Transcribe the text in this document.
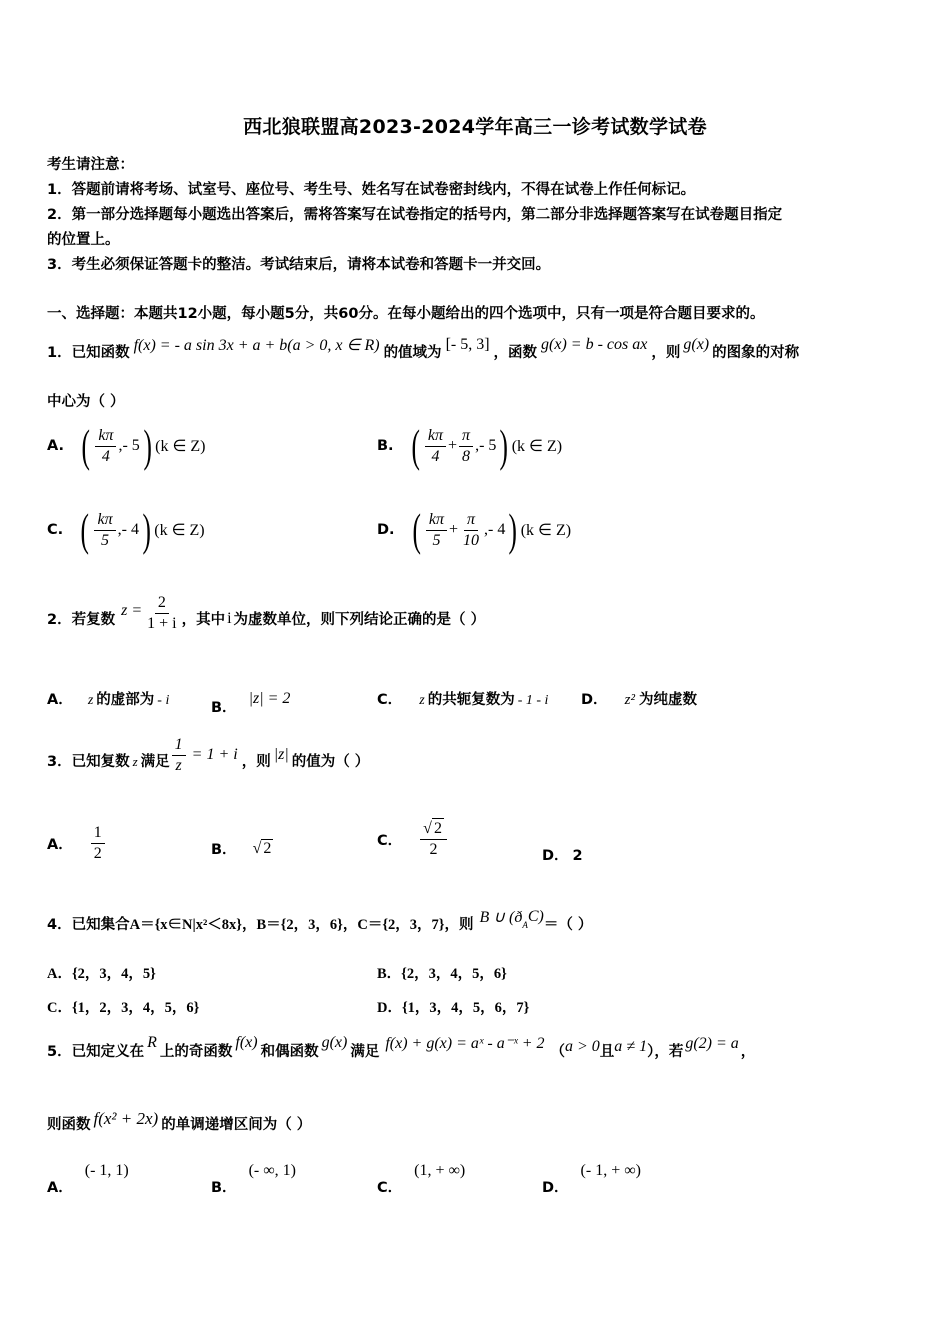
西北狼联盟高2023-2024学年高三一诊考试数学试卷
考生请注意：
1．答题前请将考场、试室号、座位号、考生号、姓名写在试卷密封线内，不得在试卷上作任何标记。
2．第一部分选择题每小题选出答案后，需将答案写在试卷指定的括号内，第二部分非选择题答案写在试卷题目指定
的位置上。
3．考生必须保证答题卡的整洁。考试结束后，请将本试卷和答题卡一并交回。
一、选择题：本题共12小题，每小题5分，共60分。在每小题给出的四个选项中，只有一项是符合题目要求的。
1．已知函数 f(x) = - a sin 3x + a + b(a > 0, x ∈ R) 的值域为
[- 5, 3]
，函数
g(x) = b - cos ax
，则
g(x)
的图象的对称
中心为（ ）
A. ( $\frac{k\pi}{4}$ ,- 5 ) (k ∈ Z)	B. ( $\frac{k\pi}{4} + \frac{\pi}{8}$ ,- 5 ) (k ∈ Z)
C. ( $\frac{k\pi}{5}$ ,- 4 ) (k ∈ Z)	D. ( $\frac{k\pi}{5} + \frac{\pi}{10}$ ,- 4 ) (k ∈ Z)
2．若复数
$z = \frac{2}{1 + i}$ ，其中 i 为虚数单位，则下列结论正确的是（ ）
A． z 的虚部为 - i	B．
|z| = 2	C． z 的共轭复数为 - 1 - i D． z² 为纯虚数
3．已知复数 z 满足 $\frac{1}{z} = 1 + i$ ，则 |z| 的值为（ ）
A． $\frac{1}{2}$	B． √ 2	C． $\frac{√ 2}{2}$	D． 2
4．已知集合 A＝{x∈N|x²＜8x}，B＝{2，3，6}，C＝{2，3，7}，则 B ∪ (ð A C)
＝（ ）
A．{2，3，4，5}	B．{2，3，4，5，6}
C．{1，2，3，4，5，6}	D．{1，3，4，5，6，7}
5．已知定义在
R
上的奇函数
f(x)
和偶函数
g(x)
满足
f(x) + g(x) = aˣ - a⁻ˣ + 2
（ a > 0 且 a ≠ 1 ），若
g(2) = a
，
则函数 f(x² + 2x) 的单调递增区间为（ ）
A．
(- 1, 1)
B．
(- ∞, 1)
C．
(1, + ∞)
D．
(- 1, + ∞)
